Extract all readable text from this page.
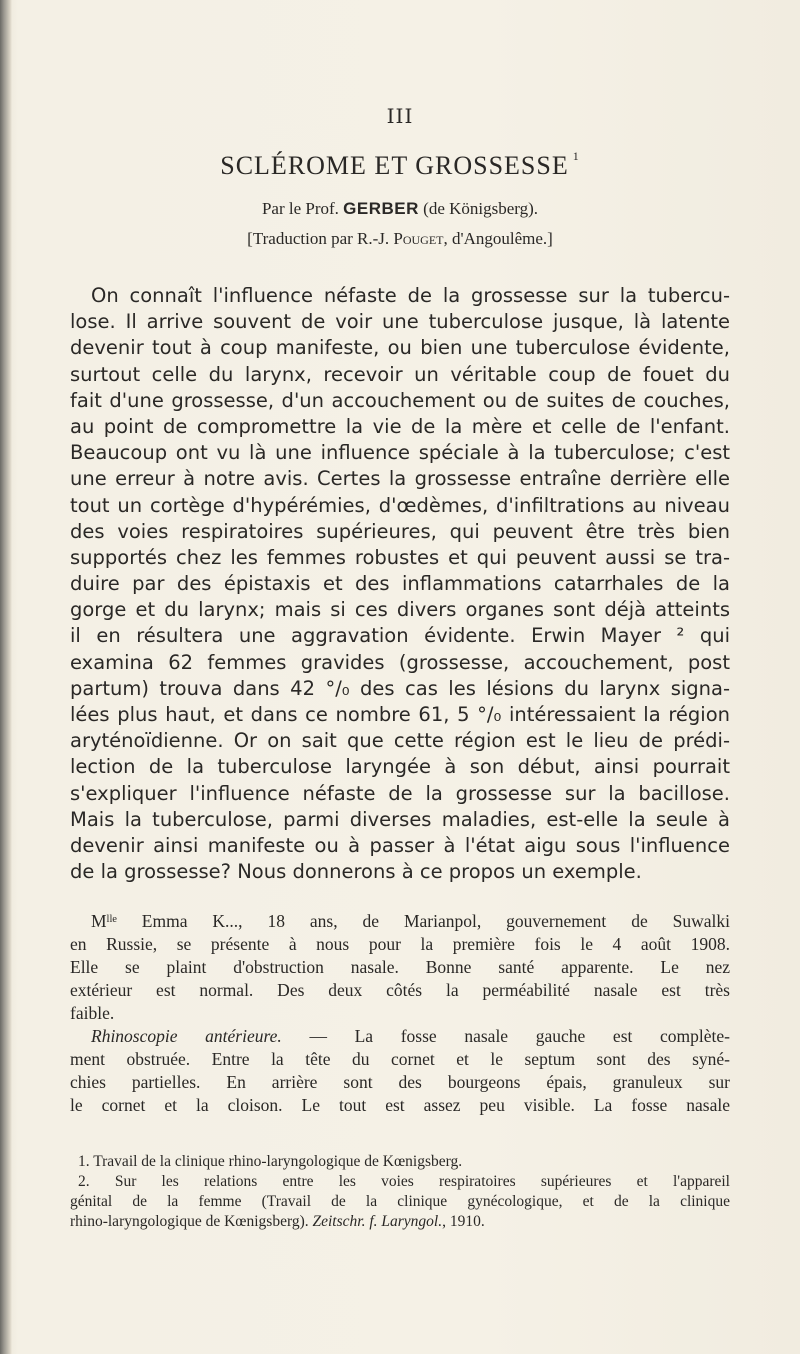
III
SCLÉROME ET GROSSESSE $^1$
Par le Prof. GERBER (de Königsberg).
[Traduction par R.-J. Pouget, d'Angoulême.]
On connaît l'influence néfaste de la grossesse sur la tubercu-
lose. Il arrive souvent de voir une tuberculose jusque, là latente
devenir tout à coup manifeste, ou bien une tuberculose évidente,
surtout celle du larynx, recevoir un véritable coup de fouet du
fait d'une grossesse, d'un accouchement ou de suites de couches,
au point de compromettre la vie de la mère et celle de l'enfant.
Beaucoup ont vu là une influence spéciale à la tuberculose; c'est
une erreur à notre avis. Certes la grossesse entraîne derrière elle
tout un cortège d'hypérémies, d'œdèmes, d'infiltrations au niveau
des voies respiratoires supérieures, qui peuvent être très bien
supportés chez les femmes robustes et qui peuvent aussi se tra-
duire par des épistaxis et des inflammations catarrhales de la
gorge et du larynx; mais si ces divers organes sont déjà atteints
il en résultera une aggravation évidente. Erwin Mayer ² qui
examina 62 femmes gravides (grossesse, accouchement, post
partum) trouva dans 42 °/₀ des cas les lésions du larynx signa-
lées plus haut, et dans ce nombre 61, 5 °/₀ intéressaient la région
aryténoïdienne. Or on sait que cette région est le lieu de prédi-
lection de la tuberculose laryngée à son début, ainsi pourrait
s'expliquer l'influence néfaste de la grossesse sur la bacillose.
Mais la tuberculose, parmi diverses maladies, est-elle la seule à
devenir ainsi manifeste ou à passer à l'état aigu sous l'influence
de la grossesse? Nous donnerons à ce propos un exemple.
Mˡˡᵉ Emma K..., 18 ans, de Marianpol, gouvernement de Suwalki
en Russie, se présente à nous pour la première fois le 4 août 1908.
Elle se plaint d'obstruction nasale. Bonne santé apparente. Le nez
extérieur est normal. Des deux côtés la perméabilité nasale est très
faible.
Rhinoscopie antérieure. — La fosse nasale gauche est complète-
ment obstruée. Entre la tête du cornet et le septum sont des syné-
chies partielles. En arrière sont des bourgeons épais, granuleux sur
le cornet et la cloison. Le tout est assez peu visible. La fosse nasale
1. Travail de la clinique rhino-laryngologique de Kœnigsberg.
2. Sur les relations entre les voies respiratoires supérieures et l'appareil
génital de la femme (Travail de la clinique gynécologique, et de la clinique
rhino-laryngologique de Kœnigsberg). Zeitschr. f. Laryngol., 1910.
